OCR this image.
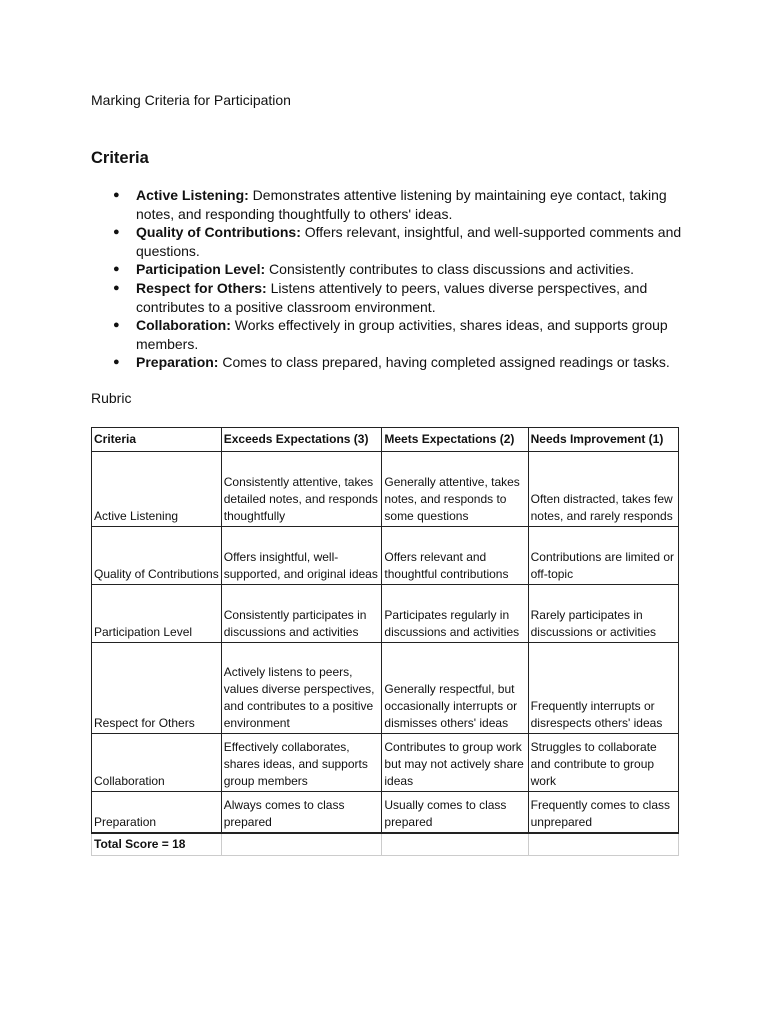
Marking Criteria for Participation
Criteria
● Active Listening: Demonstrates attentive listening by maintaining eye contact, taking notes, and responding thoughtfully to others' ideas.
● Quality of Contributions: Offers relevant, insightful, and well-supported comments and questions.
● Participation Level: Consistently contributes to class discussions and activities.
● Respect for Others: Listens attentively to peers, values diverse perspectives, and contributes to a positive classroom environment.
● Collaboration: Works effectively in group activities, shares ideas, and supports group members.
● Preparation: Comes to class prepared, having completed assigned readings or tasks.
Rubric
Criteria	Exceeds Expectations (3)	Meets Expectations (2)	Needs Improvement (1)
Active Listening	Consistently attentive, takes detailed notes, and responds thoughtfully	Generally attentive, takes notes, and responds to some questions	Often distracted, takes few notes, and rarely responds
Quality of Contributions	Offers insightful, well-supported, and original ideas	Offers relevant and thoughtful contributions	Contributions are limited or off-topic
Participation Level	Consistently participates in discussions and activities	Participates regularly in discussions and activities	Rarely participates in discussions or activities
Respect for Others	Actively listens to peers, values diverse perspectives, and contributes to a positive environment	Generally respectful, but occasionally interrupts or dismisses others' ideas	Frequently interrupts or disrespects others' ideas
Collaboration	Effectively collaborates, shares ideas, and supports group members	Contributes to group work but may not actively share ideas	Struggles to collaborate and contribute to group work
Preparation	Always comes to class prepared	Usually comes to class prepared	Frequently comes to class unprepared
Total Score = 18			
